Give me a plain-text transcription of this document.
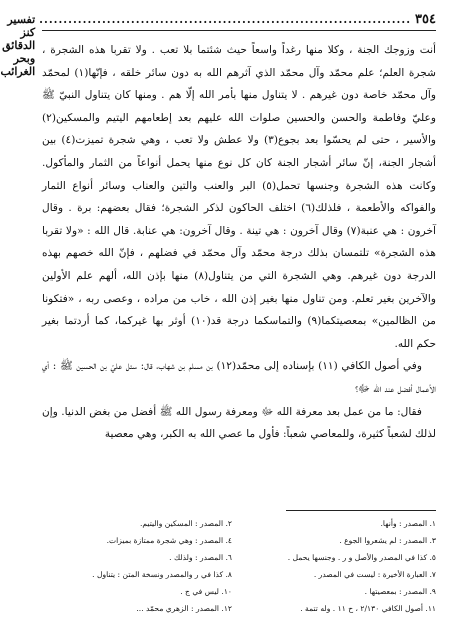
٣٥٤
.............................................................................
تفسير كنز الدقائق وبحر الغرائب

أنت وزوجك الجنة ، وكلا منها رغداً واسعاً حيث شئتما بلا تعب . ولا تقربا هذه الشجرة ، شجرة العلم؛ علم محمّد وآل محمّد الذي آثرهم الله به دون سائر خلقه ، فإنّها(١) لمحمّد وآل محمّد خاصة دون غيرهم . لا يتناول منها بأمر الله إلّا هم . ومنها كان يتناول النبيّ ﷺ وعليّ وفاطمة والحسن والحسين صلوات الله عليهم بعد إطعامهم اليتيم والمسكين(٢) والأسير ، حتى لم يحسّوا بعد بجوع(٣) ولا عطش ولا تعب ، وهي شجرة تميزت(٤) بين أشجار الجنة، إنّ سائر أشجار الجنة كان كل نوع منها يحمل أنواعاً من الثمار والمأكول. وكانت هذه الشجرة وجنسها تحمل(٥) البر والعنب والتين والعناب وسائر أنواع الثمار والفواكه والأطعمة ، فلذلك(٦) اختلف الحاكون لذكر الشجرة؛ فقال بعضهم: برة . وقال آخرون : هي عنبة(٧) وقال آخرون : هي تينة . وقال آخرون: هي عنابة. قال الله : «ولا تقربا هذه الشجرة» تلتمسان بذلك درجة محمّد وآل محمّد في فضلهم ، فإنّ الله خصهم بهذه الدرجة دون غيرهم. وهي الشجرة التي من يتناول(٨) منها بإذن الله، ألهم علم الأولين والآخرين بغير تعلم. ومن تناول منها بغير إذن الله ، خاب من مراده ، وعصى ربه ، «فتكونا من الظالمين» بمعصيتكما(٩) والتماسكما درجة قد(١٠) أوثر بها غيركما، كما أردتما بغير حكم الله.

وفي أصول الكافي (١١) بإسناده إلى محمّد(١٢) بن مسلم بن شهاب، قال: سئل عليّ بن الحسين ﷺ : أي الأعمال أفضل عند الله ﷻ؟

فقال: ما من عمل بعد معرفة الله ﷻ ومعرفة رسول الله ﷺ أفضل من بغض الدنيا. وإن لذلك لشعباً كثيرة، وللمعاصي شعباً: فأول ما عصي الله به الكبر، وهي معصية

١. المصدر : وأنها.
٢. المصدر : المسكين واليتيم.
٣. المصدر : لم يشعروا الجوع .
٤. المصدر : وهي شجرة ممتازة بميزات.
٥. كذا في المصدر والأصل و ر . وجنسها يحمل .
٦. المصدر : ولذلك .
٧. العبارة الأخيرة : ليست في المصدر .
٨. كذا في ر والمصدر ونسخة المتن : يتناول .
٩. المصدر : بمعصيتها .
١٠. ليس في ج .
١١. أصول الكافي ٢/١٣٠ ، ح ١١ . وله تتمة .
١٢. المصدر : الزهري محمّد ...
